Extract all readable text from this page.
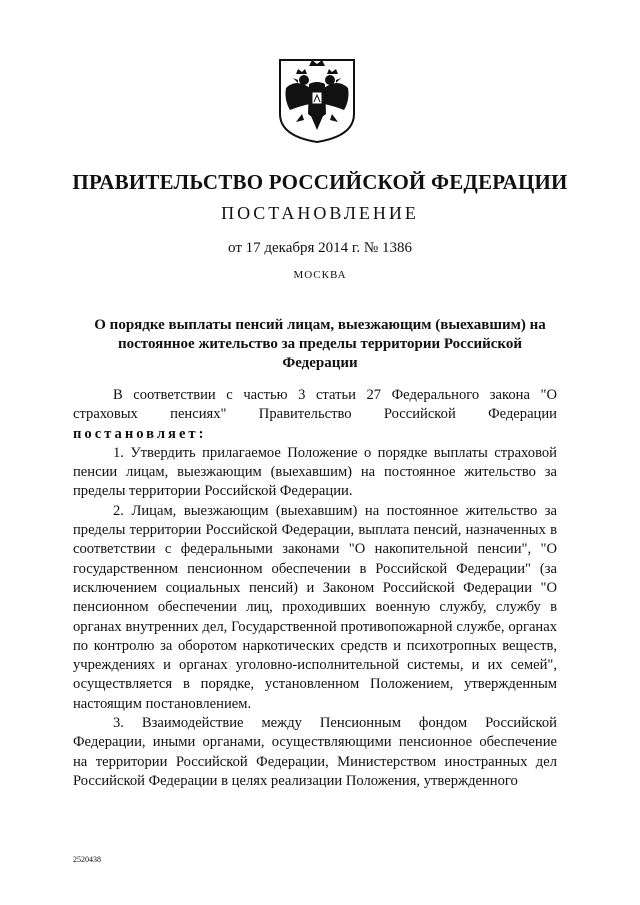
ПРАВИТЕЛЬСТВО РОССИЙСКОЙ ФЕДЕРАЦИИ
ПОСТАНОВЛЕНИЕ
от 17 декабря 2014 г. № 1386
МОСКВА
О порядке выплаты пенсий лицам, выезжающим (выехавшим) на
постоянное жительство за пределы территории Российской Федерации

В соответствии с частью 3 статьи 27 Федерального закона "О страховых пенсиях" Правительство Российской Федерации постановляет:

1. Утвердить прилагаемое Положение о порядке выплаты страховой пенсии лицам, выезжающим (выехавшим) на постоянное жительство за пределы территории Российской Федерации.

2. Лицам, выезжающим (выехавшим) на постоянное жительство за пределы территории Российской Федерации, выплата пенсий, назначенных в соответствии с федеральными законами "О накопительной пенсии", "О государственном пенсионном обеспечении в Российской Федерации" (за исключением социальных пенсий) и Законом Российской Федерации "О пенсионном обеспечении лиц, проходивших военную службу, службу в органах внутренних дел, Государственной противопожарной службе, органах по контролю за оборотом наркотических средств и психотропных веществ, учреждениях и органах уголовно-исполнительной системы, и их семей", осуществляется в порядке, установленном Положением, утвержденным настоящим постановлением.

3. Взаимодействие между Пенсионным фондом Российской Федерации, иными органами, осуществляющими пенсионное обеспечение на территории Российской Федерации, Министерством иностранных дел Российской Федерации в целях реализации Положения, утвержденного

2520438
